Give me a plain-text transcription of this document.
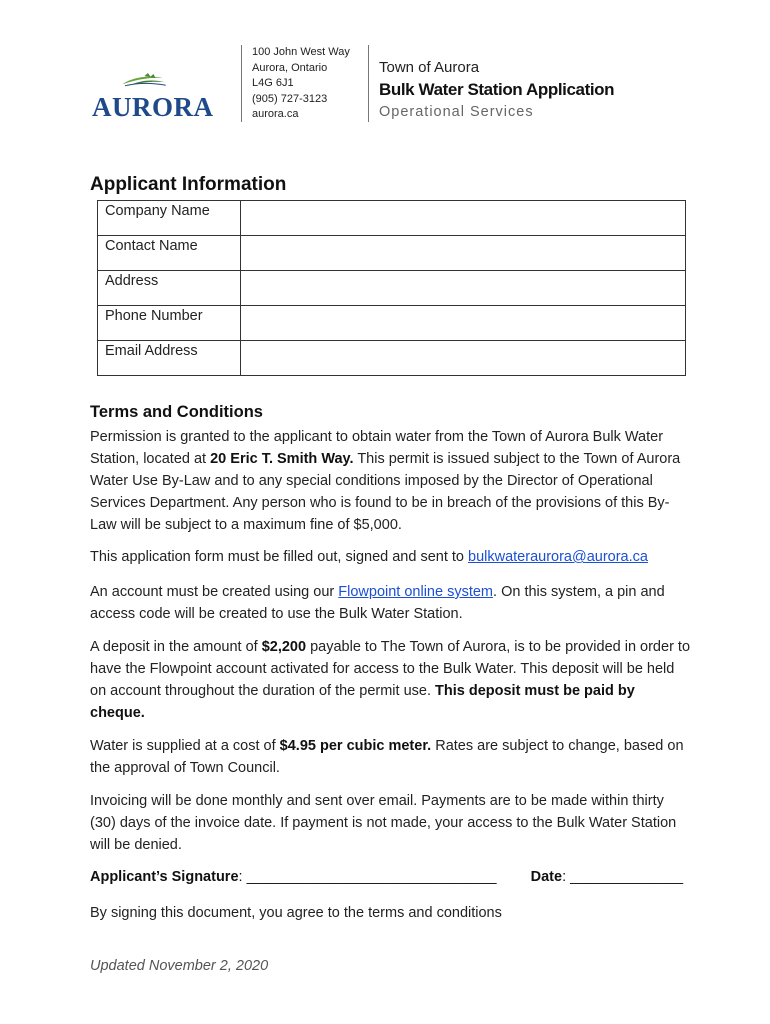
AURORA
100 John West Way
Aurora, Ontario
L4G 6J1
(905) 727-3123
aurora.ca
Town of Aurora
Bulk Water Station Application
Operational Services
Applicant Information
Company Name	
Contact Name	
Address	
Phone Number	
Email Address	
Terms and Conditions
Permission is granted to the applicant to obtain water from the Town of Aurora Bulk Water Station, located at 20 Eric T. Smith Way. This permit is issued subject to the Town of Aurora Water Use By-Law and to any special conditions imposed by the Director of Operational Services Department. Any person who is found to be in breach of the provisions of this By-Law will be subject to a maximum fine of $5,000.
This application form must be filled out, signed and sent to bulkwateraurora@aurora.ca
An account must be created using our Flowpoint online system. On this system, a pin and access code will be created to use the Bulk Water Station.
A deposit in the amount of $2,200 payable to The Town of Aurora, is to be provided in order to have the Flowpoint account activated for access to the Bulk Water. This deposit will be held on account throughout the duration of the permit use. This deposit must be paid by cheque.
Water is supplied at a cost of $4.95 per cubic meter. Rates are subject to change, based on the approval of Town Council.
Invoicing will be done monthly and sent over email. Payments are to be made within thirty (30) days of the invoice date. If payment is not made, your access to the Bulk Water Station will be denied.
Applicant’s Signature: _______________________________ Date: ______________
By signing this document, you agree to the terms and conditions
Updated November 2, 2020
